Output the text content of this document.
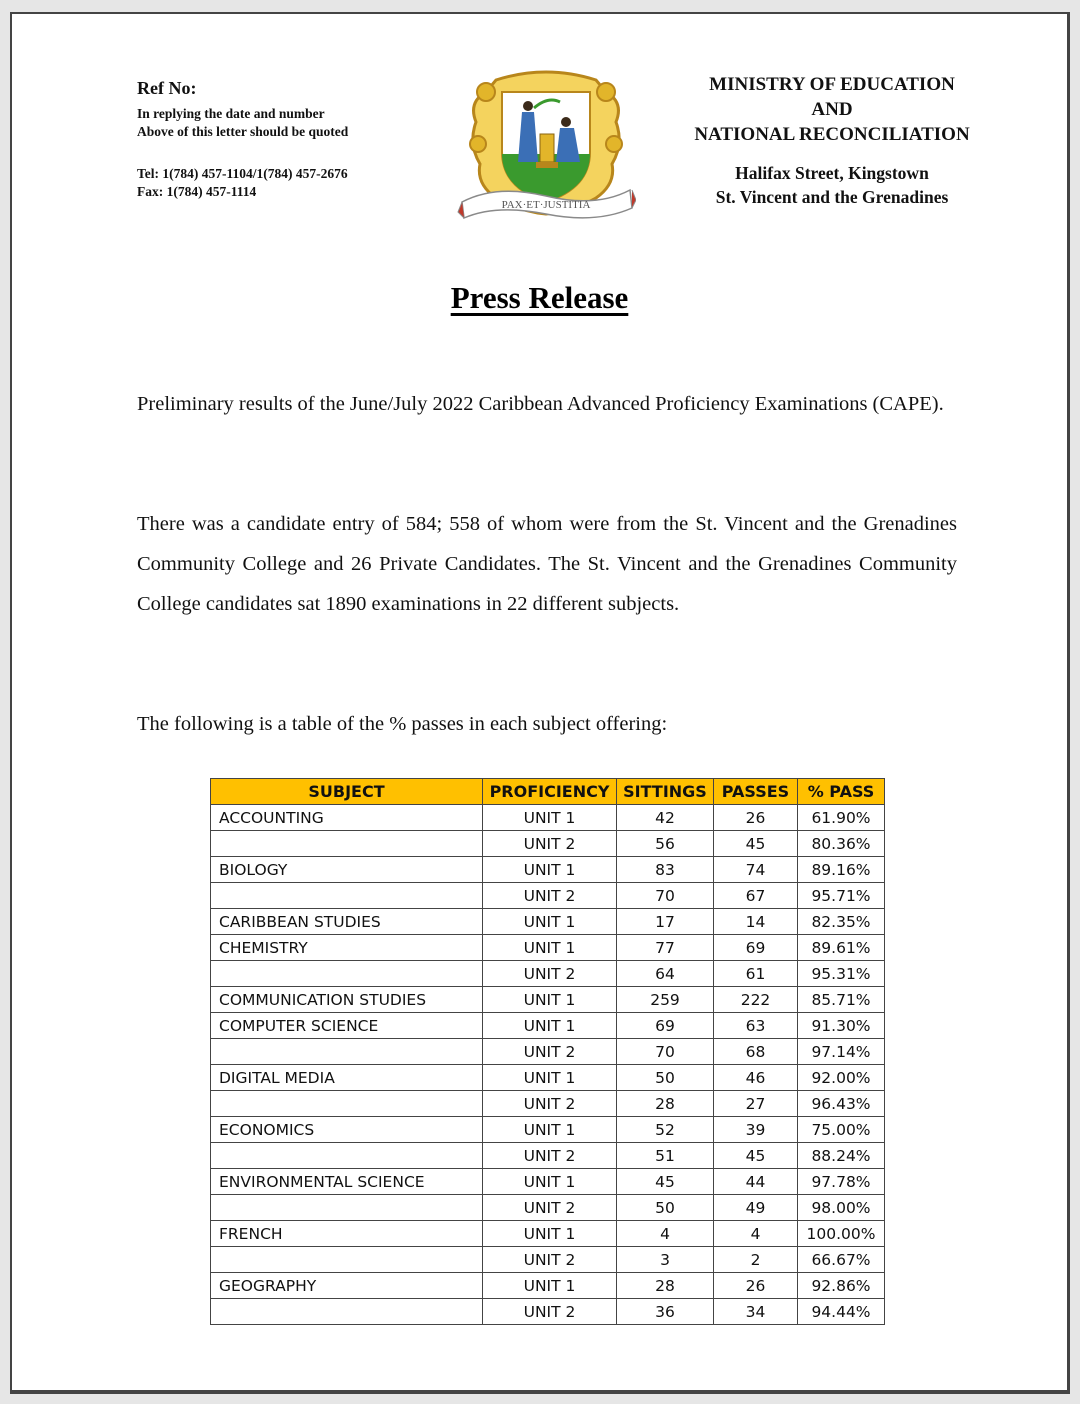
Ref No:
In replying the date and number
Above of this letter should be quoted
Tel: 1(784) 457-1104/1(784) 457-2676
Fax: 1(784) 457-1114
PAX·ET·JUSTITIA
MINISTRY OF EDUCATION
AND
NATIONAL RECONCILIATION
Halifax Street, Kingstown
St. Vincent and the Grenadines
Press Release
Preliminary results of the June/July 2022 Caribbean Advanced Proficiency Examinations (CAPE).
There was a candidate entry of 584; 558 of whom were from the St. Vincent and the Grenadines Community College and 26 Private Candidates. The St. Vincent and the Grenadines Community College candidates sat 1890 examinations in 22 different subjects.
The following is a table of the % passes in each subject offering:
SUBJECT	PROFICIENCY	SITTINGS	PASSES	% PASS
ACCOUNTING	UNIT 1	42	26	61.90%
	UNIT 2	56	45	80.36%
BIOLOGY	UNIT 1	83	74	89.16%
	UNIT 2	70	67	95.71%
CARIBBEAN STUDIES	UNIT 1	17	14	82.35%
CHEMISTRY	UNIT 1	77	69	89.61%
	UNIT 2	64	61	95.31%
COMMUNICATION STUDIES	UNIT 1	259	222	85.71%
COMPUTER SCIENCE	UNIT 1	69	63	91.30%
	UNIT 2	70	68	97.14%
DIGITAL MEDIA	UNIT 1	50	46	92.00%
	UNIT 2	28	27	96.43%
ECONOMICS	UNIT 1	52	39	75.00%
	UNIT 2	51	45	88.24%
ENVIRONMENTAL SCIENCE	UNIT 1	45	44	97.78%
	UNIT 2	50	49	98.00%
FRENCH	UNIT 1	4	4	100.00%
	UNIT 2	3	2	66.67%
GEOGRAPHY	UNIT 1	28	26	92.86%
	UNIT 2	36	34	94.44%
